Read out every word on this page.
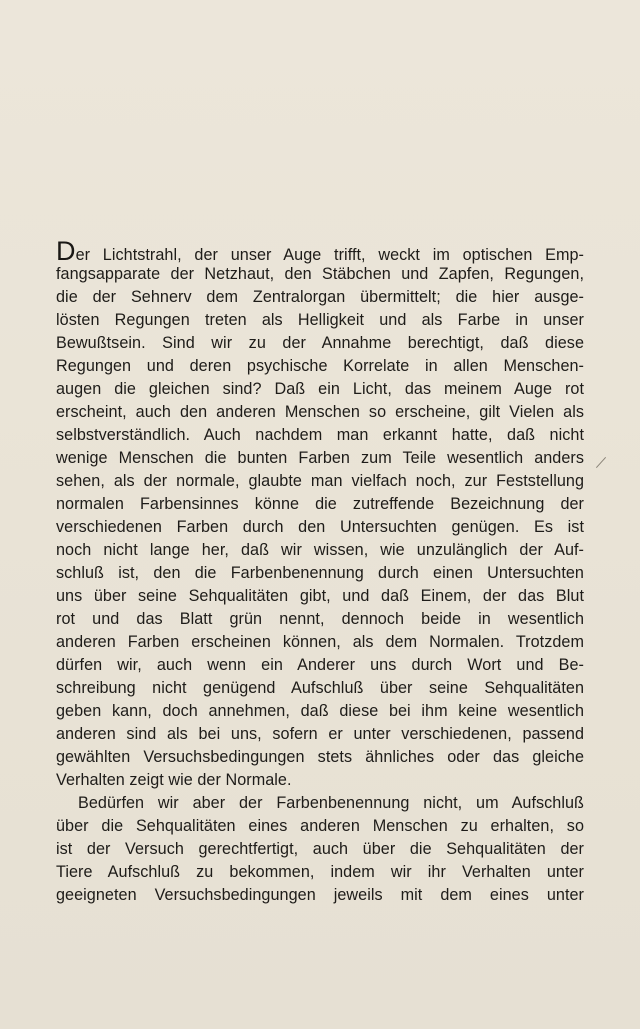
Der Lichtstrahl, der unser Auge trifft, weckt im optischen Emp-
fangsapparate der Netzhaut, den Stäbchen und Zapfen, Regungen,
die der Sehnerv dem Zentralorgan übermittelt; die hier ausge-
lösten Regungen treten als Helligkeit und als Farbe in unser
Bewußtsein. Sind wir zu der Annahme berechtigt, daß diese
Regungen und deren psychische Korrelate in allen Menschen-
augen die gleichen sind? Daß ein Licht, das meinem Auge rot
erscheint, auch den anderen Menschen so erscheine, gilt Vielen als
selbstverständlich. Auch nachdem man erkannt hatte, daß nicht
wenige Menschen die bunten Farben zum Teile wesentlich anders
sehen, als der normale, glaubte man vielfach noch, zur Feststellung
normalen Farbensinnes könne die zutreffende Bezeichnung der
verschiedenen Farben durch den Untersuchten genügen. Es ist
noch nicht lange her, daß wir wissen, wie unzulänglich der Auf-
schluß ist, den die Farbenbenennung durch einen Untersuchten
uns über seine Sehqualitäten gibt, und daß Einem, der das Blut
rot und das Blatt grün nennt, dennoch beide in wesentlich
anderen Farben erscheinen können, als dem Normalen. Trotzdem
dürfen wir, auch wenn ein Anderer uns durch Wort und Be-
schreibung nicht genügend Aufschluß über seine Sehqualitäten
geben kann, doch annehmen, daß diese bei ihm keine wesentlich
anderen sind als bei uns, sofern er unter verschiedenen, passend
gewählten Versuchsbedingungen stets ähnliches oder das gleiche
Verhalten zeigt wie der Normale.
Bedürfen wir aber der Farbenbenennung nicht, um Aufschluß
über die Sehqualitäten eines anderen Menschen zu erhalten, so
ist der Versuch gerechtfertigt, auch über die Sehqualitäten der
Tiere Aufschluß zu bekommen, indem wir ihr Verhalten unter
geeigneten Versuchsbedingungen jeweils mit dem eines unter
